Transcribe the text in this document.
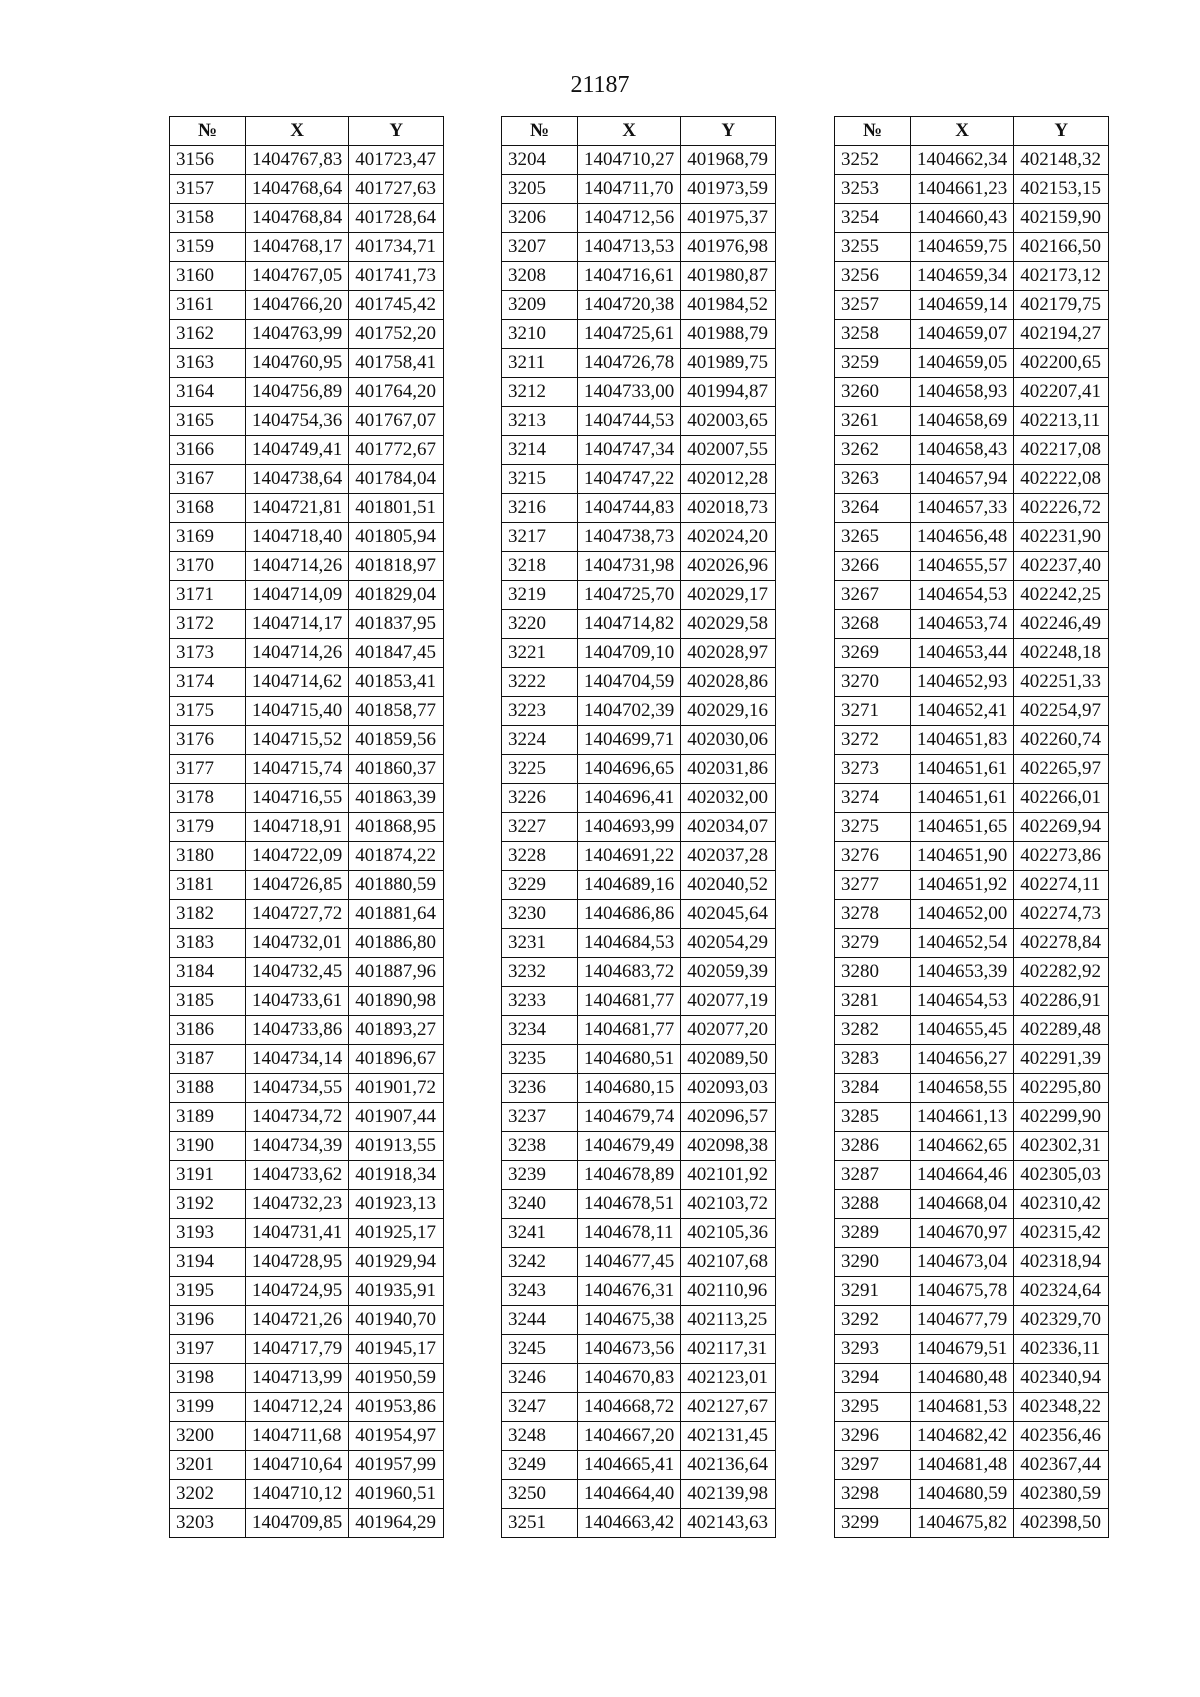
21187
№	X	Y
3156	1404767,83	401723,47
3157	1404768,64	401727,63
3158	1404768,84	401728,64
3159	1404768,17	401734,71
3160	1404767,05	401741,73
3161	1404766,20	401745,42
3162	1404763,99	401752,20
3163	1404760,95	401758,41
3164	1404756,89	401764,20
3165	1404754,36	401767,07
3166	1404749,41	401772,67
3167	1404738,64	401784,04
3168	1404721,81	401801,51
3169	1404718,40	401805,94
3170	1404714,26	401818,97
3171	1404714,09	401829,04
3172	1404714,17	401837,95
3173	1404714,26	401847,45
3174	1404714,62	401853,41
3175	1404715,40	401858,77
3176	1404715,52	401859,56
3177	1404715,74	401860,37
3178	1404716,55	401863,39
3179	1404718,91	401868,95
3180	1404722,09	401874,22
3181	1404726,85	401880,59
3182	1404727,72	401881,64
3183	1404732,01	401886,80
3184	1404732,45	401887,96
3185	1404733,61	401890,98
3186	1404733,86	401893,27
3187	1404734,14	401896,67
3188	1404734,55	401901,72
3189	1404734,72	401907,44
3190	1404734,39	401913,55
3191	1404733,62	401918,34
3192	1404732,23	401923,13
3193	1404731,41	401925,17
3194	1404728,95	401929,94
3195	1404724,95	401935,91
3196	1404721,26	401940,70
3197	1404717,79	401945,17
3198	1404713,99	401950,59
3199	1404712,24	401953,86
3200	1404711,68	401954,97
3201	1404710,64	401957,99
3202	1404710,12	401960,51
3203	1404709,85	401964,29
№	X	Y
3204	1404710,27	401968,79
3205	1404711,70	401973,59
3206	1404712,56	401975,37
3207	1404713,53	401976,98
3208	1404716,61	401980,87
3209	1404720,38	401984,52
3210	1404725,61	401988,79
3211	1404726,78	401989,75
3212	1404733,00	401994,87
3213	1404744,53	402003,65
3214	1404747,34	402007,55
3215	1404747,22	402012,28
3216	1404744,83	402018,73
3217	1404738,73	402024,20
3218	1404731,98	402026,96
3219	1404725,70	402029,17
3220	1404714,82	402029,58
3221	1404709,10	402028,97
3222	1404704,59	402028,86
3223	1404702,39	402029,16
3224	1404699,71	402030,06
3225	1404696,65	402031,86
3226	1404696,41	402032,00
3227	1404693,99	402034,07
3228	1404691,22	402037,28
3229	1404689,16	402040,52
3230	1404686,86	402045,64
3231	1404684,53	402054,29
3232	1404683,72	402059,39
3233	1404681,77	402077,19
3234	1404681,77	402077,20
3235	1404680,51	402089,50
3236	1404680,15	402093,03
3237	1404679,74	402096,57
3238	1404679,49	402098,38
3239	1404678,89	402101,92
3240	1404678,51	402103,72
3241	1404678,11	402105,36
3242	1404677,45	402107,68
3243	1404676,31	402110,96
3244	1404675,38	402113,25
3245	1404673,56	402117,31
3246	1404670,83	402123,01
3247	1404668,72	402127,67
3248	1404667,20	402131,45
3249	1404665,41	402136,64
3250	1404664,40	402139,98
3251	1404663,42	402143,63
№	X	Y
3252	1404662,34	402148,32
3253	1404661,23	402153,15
3254	1404660,43	402159,90
3255	1404659,75	402166,50
3256	1404659,34	402173,12
3257	1404659,14	402179,75
3258	1404659,07	402194,27
3259	1404659,05	402200,65
3260	1404658,93	402207,41
3261	1404658,69	402213,11
3262	1404658,43	402217,08
3263	1404657,94	402222,08
3264	1404657,33	402226,72
3265	1404656,48	402231,90
3266	1404655,57	402237,40
3267	1404654,53	402242,25
3268	1404653,74	402246,49
3269	1404653,44	402248,18
3270	1404652,93	402251,33
3271	1404652,41	402254,97
3272	1404651,83	402260,74
3273	1404651,61	402265,97
3274	1404651,61	402266,01
3275	1404651,65	402269,94
3276	1404651,90	402273,86
3277	1404651,92	402274,11
3278	1404652,00	402274,73
3279	1404652,54	402278,84
3280	1404653,39	402282,92
3281	1404654,53	402286,91
3282	1404655,45	402289,48
3283	1404656,27	402291,39
3284	1404658,55	402295,80
3285	1404661,13	402299,90
3286	1404662,65	402302,31
3287	1404664,46	402305,03
3288	1404668,04	402310,42
3289	1404670,97	402315,42
3290	1404673,04	402318,94
3291	1404675,78	402324,64
3292	1404677,79	402329,70
3293	1404679,51	402336,11
3294	1404680,48	402340,94
3295	1404681,53	402348,22
3296	1404682,42	402356,46
3297	1404681,48	402367,44
3298	1404680,59	402380,59
3299	1404675,82	402398,50
